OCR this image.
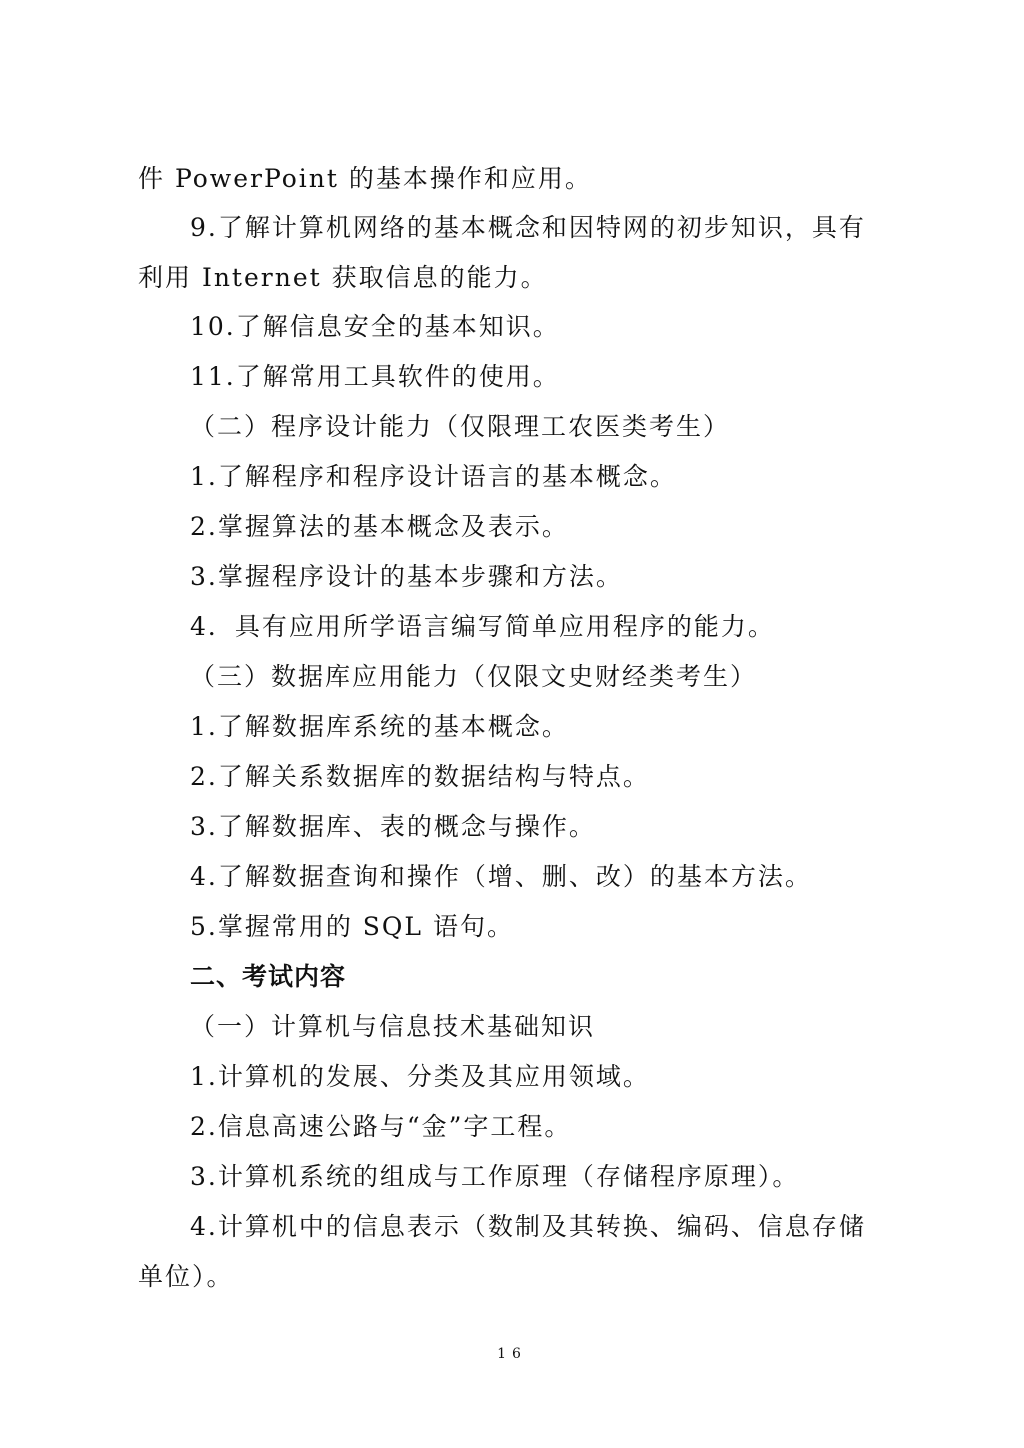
件 PowerPoint 的基本操作和应用。
9.了解计算机网络的基本概念和因特网的初步知识，具有
利用 Internet 获取信息的能力。
10.了解信息安全的基本知识。
11.了解常用工具软件的使用。
（二）程序设计能力（仅限理工农医类考生）
1.了解程序和程序设计语言的基本概念。
2.掌握算法的基本概念及表示。
3.掌握程序设计的基本步骤和方法。
4．具有应用所学语言编写简单应用程序的能力。
（三）数据库应用能力（仅限文史财经类考生）
1.了解数据库系统的基本概念。
2.了解关系数据库的数据结构与特点。
3.了解数据库、表的概念与操作。
4.了解数据查询和操作（增、删、改）的基本方法。
5.掌握常用的 SQL 语句。
二、考试内容
（一）计算机与信息技术基础知识
1.计算机的发展、分类及其应用领域。
2.信息高速公路与“金”字工程。
3.计算机系统的组成与工作原理（存储程序原理）。
4.计算机中的信息表示（数制及其转换、编码、信息存储
单位）。
16
